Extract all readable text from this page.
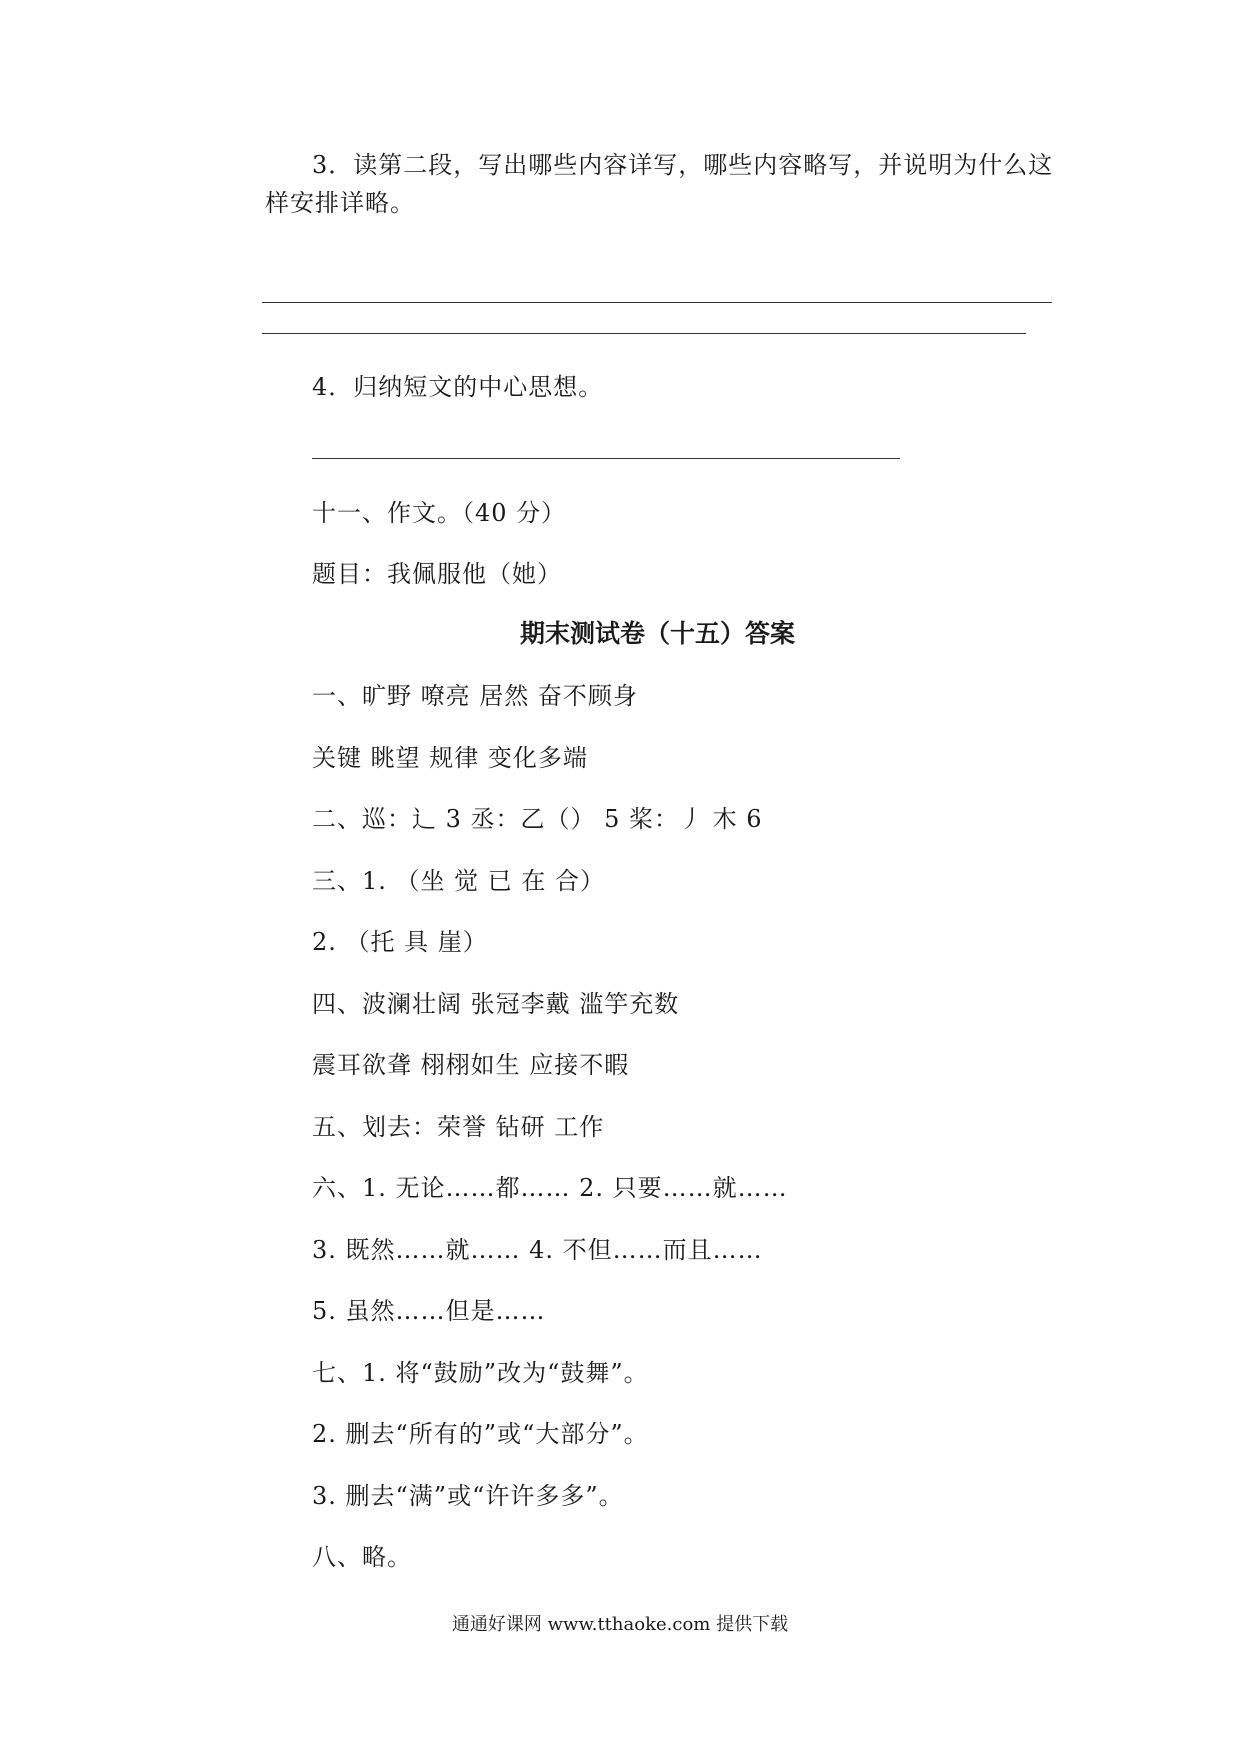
3．读第二段，写出哪些内容详写，哪些内容略写，并说明为什么这
样安排详略。
4．归纳短文的中心思想。
十一、作文。（40 分）
题目：我佩服他（她）
期末测试卷（十五）答案
一、旷野 嘹亮 居然 奋不顾身
关键 眺望 规律 变化多端
二、巡：辶 3 丞：乙（） 5 桨：丿 木 6
三、1. （坐 觉 已 在 合）
2. （托 具 崖）
四、波澜壮阔 张冠李戴 滥竽充数
震耳欲聋 栩栩如生 应接不暇
五、划去：荣誉 钻研 工作
六、1. 无论……都…… 2. 只要……就……
3. 既然……就…… 4. 不但……而且……
5. 虽然……但是……
七、1. 将“鼓励”改为“鼓舞”。
2. 删去“所有的”或“大部分”。
3. 删去“满”或“许许多多”。
八、略。
通通好课网 www.tthaoke.com 提供下载
